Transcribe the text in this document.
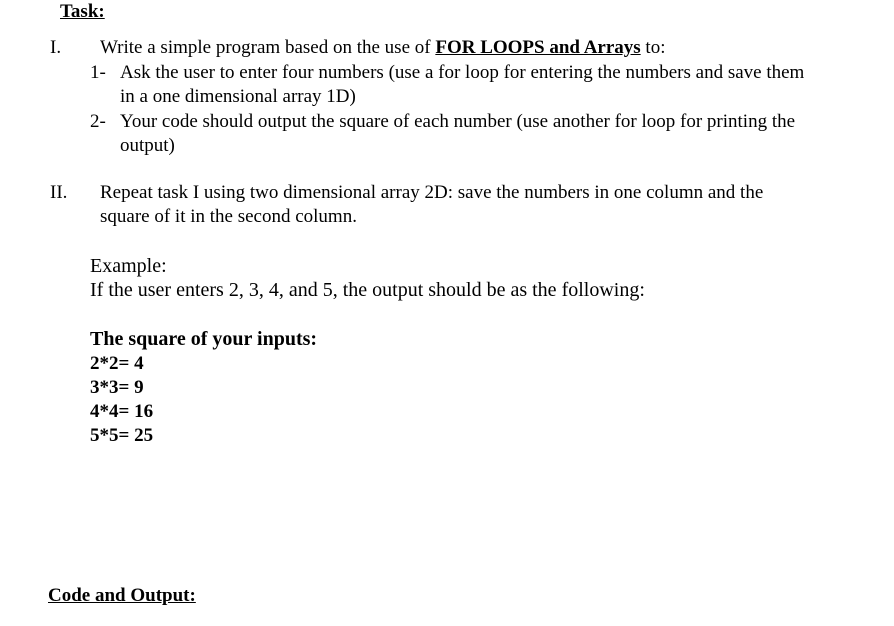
Task:
I. Write a simple program based on the use of FOR LOOPS and Arrays to:
1- Ask the user to enter four numbers (use a for loop for entering the numbers and save them
in a one dimensional array 1D)
2- Your code should output the square of each number (use another for loop for printing the
output)
II. Repeat task I using two dimensional array 2D: save the numbers in one column and the
square of it in the second column.
Example:
If the user enters 2, 3, 4, and 5, the output should be as the following:
The square of your inputs:
2*2= 4
3*3= 9
4*4= 16
5*5= 25
Code and Output:
